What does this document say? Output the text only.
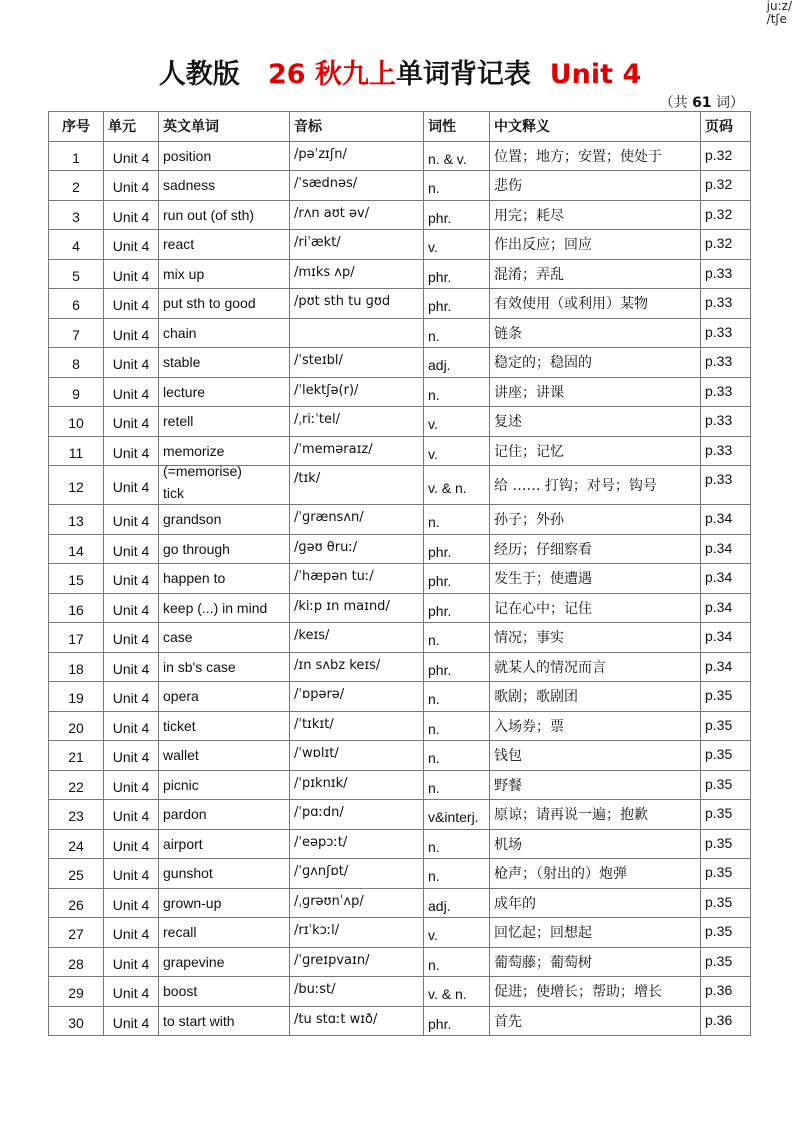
ju:z/
/tʃe
人教版 26 秋九上单词背记表 Unit 4
（共 61 词）
序号	单元	英文单词	音标	词性	中文释义	页码
1	Unit 4	position	/pəˈzɪʃn/	n. & v.	位置；地方；安置；使处于	p.32
2	Unit 4	sadness	/ˈsædnəs/	n.	悲伤	p.32
3	Unit 4	run out (of sth)	/rʌn aʊt əv/	phr.	用完；耗尽	p.32
4	Unit 4	react	/riˈækt/	v.	作出反应；回应	p.32
5	Unit 4	mix up	/mɪks ʌp/	phr.	混淆；弄乱	p.33
6	Unit 4	put sth to good	/pʊt sth tu ɡʊd	phr.	有效使用（或利用）某物	p.33
7	Unit 4	chain		n.	链条	p.33
8	Unit 4	stable	/ˈsteɪbl/	adj.	稳定的；稳固的	p.33
9	Unit 4	lecture	/ˈlektʃə(r)/	n.	讲座；讲课	p.33
10	Unit 4	retell	/ˌriːˈtel/	v.	复述	p.33
11	Unit 4	memorize	/ˈmeməraɪz/	v.	记住；记忆	p.33
12	Unit 4	(=memorise) tick	/tɪk/	v. & n.	给 …… 打钩；对号；钩号	p.33
13	Unit 4	grandson	/ˈɡrænsʌn/	n.	孙子；外孙	p.34
14	Unit 4	go through	/ɡəʊ θruː/	phr.	经历；仔细察看	p.34
15	Unit 4	happen to	/ˈhæpən tuː/	phr.	发生于；使遭遇	p.34
16	Unit 4	keep (...) in mind	/kiːp ɪn maɪnd/	phr.	记在心中；记住	p.34
17	Unit 4	case	/keɪs/	n.	情况；事实	p.34
18	Unit 4	in sb's case	/ɪn sʌbz keɪs/	phr.	就某人的情况而言	p.34
19	Unit 4	opera	/ˈɒpərə/	n.	歌剧；歌剧团	p.35
20	Unit 4	ticket	/ˈtɪkɪt/	n.	入场券；票	p.35
21	Unit 4	wallet	/ˈwɒlɪt/	n.	钱包	p.35
22	Unit 4	picnic	/ˈpɪknɪk/	n.	野餐	p.35
23	Unit 4	pardon	/ˈpɑːdn/	v&interj.	原谅；请再说一遍；抱歉	p.35
24	Unit 4	airport	/ˈeəpɔːt/	n.	机场	p.35
25	Unit 4	gunshot	/ˈɡʌnʃɒt/	n.	枪声；（射出的）炮弹	p.35
26	Unit 4	grown-up	/ˌɡrəʊnˈʌp/	adj.	成年的	p.35
27	Unit 4	recall	/rɪˈkɔːl/	v.	回忆起；回想起	p.35
28	Unit 4	grapevine	/ˈɡreɪpvaɪn/	n.	葡萄藤；葡萄树	p.35
29	Unit 4	boost	/buːst/	v. & n.	促进；使增长；帮助；增长	p.36
30	Unit 4	to start with	/tu stɑːt wɪð/	phr.	首先	p.36
